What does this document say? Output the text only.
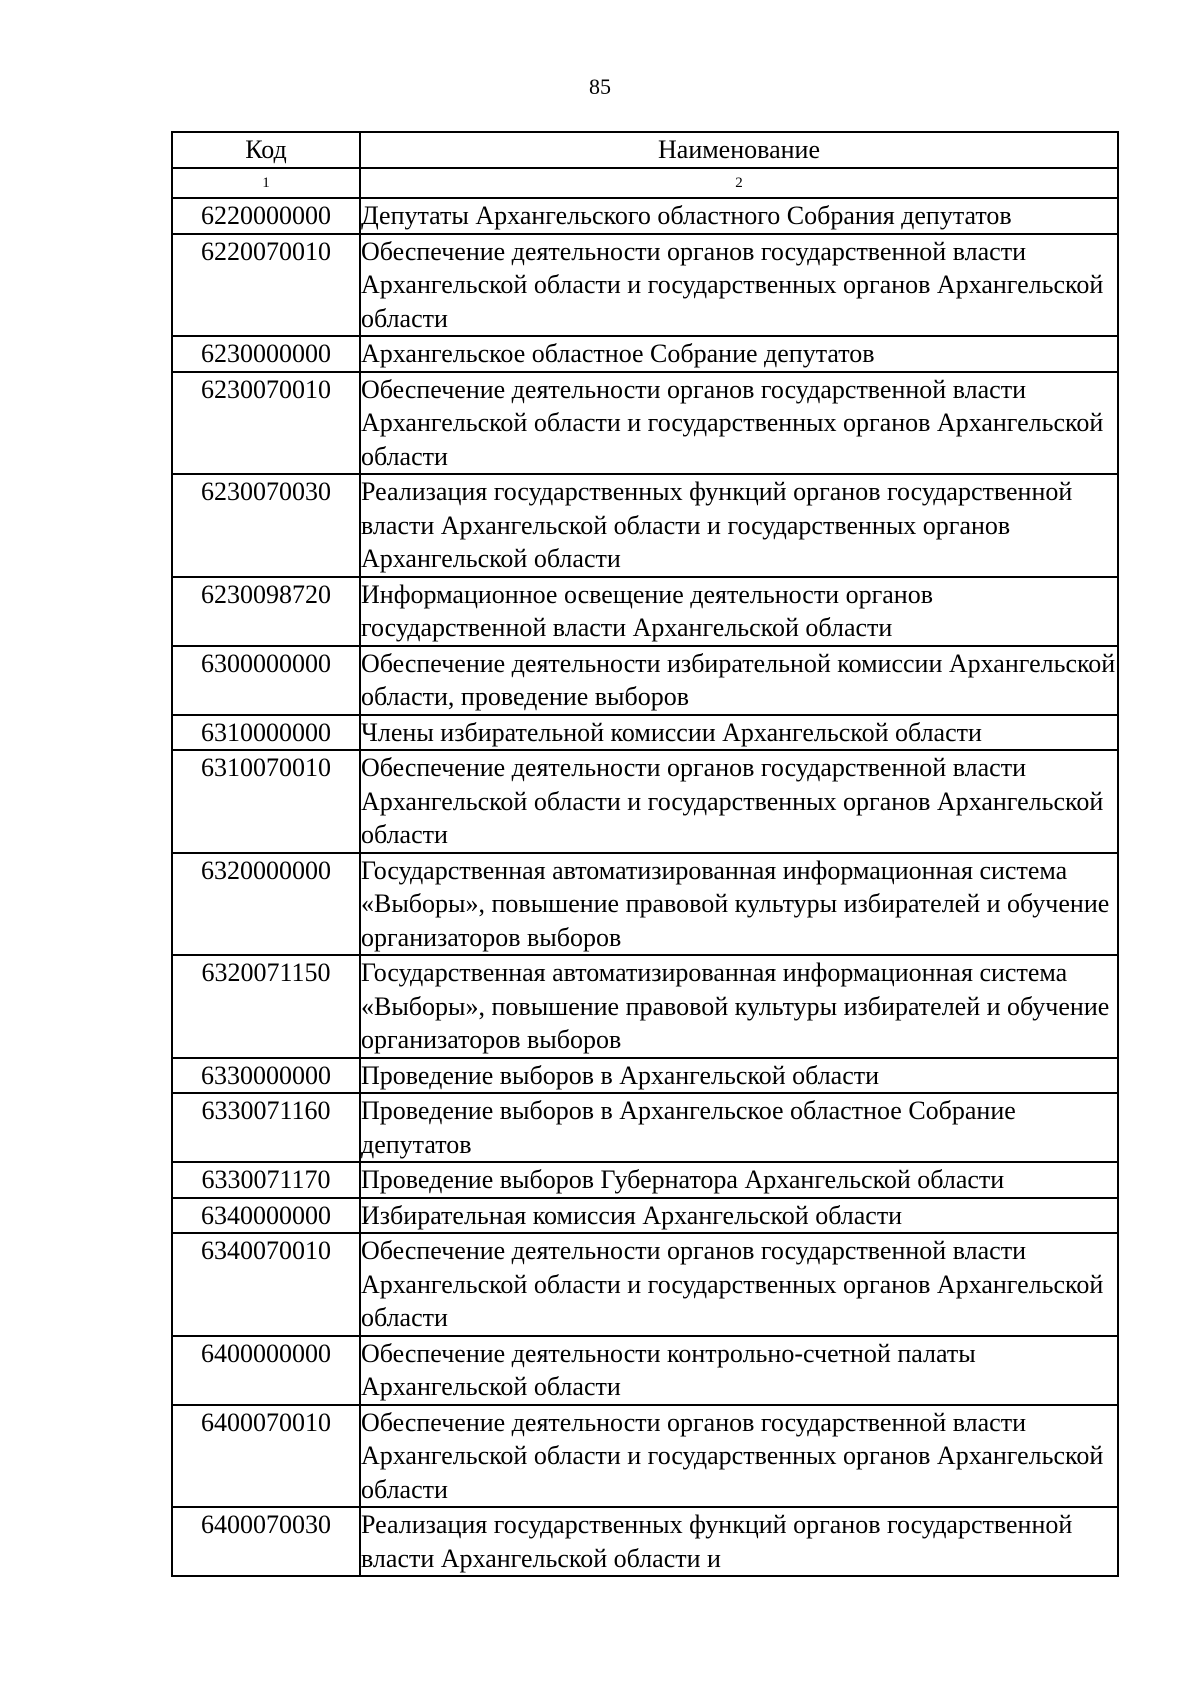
85
Код	Наименование
1	2
6220000000	Депутаты Архангельского областного Собрания депутатов
6220070010	Обеспечение деятельности органов государственной власти Архангельской области и государственных органов Архангельской области
6230000000	Архангельское областное Собрание депутатов
6230070010	Обеспечение деятельности органов государственной власти Архангельской области и государственных органов Архангельской области
6230070030	Реализация государственных функций органов государственной власти Архангельской области и государственных органов Архангельской области
6230098720	Информационное освещение деятельности органов государственной власти Архангельской области
6300000000	Обеспечение деятельности избирательной комиссии Архангельской области, проведение выборов
6310000000	Члены избирательной комиссии Архангельской области
6310070010	Обеспечение деятельности органов государственной власти Архангельской области и государственных органов Архангельской области
6320000000	Государственная автоматизированная информационная система «Выборы», повышение правовой культуры избирателей и обучение организаторов выборов
6320071150	Государственная автоматизированная информационная система «Выборы», повышение правовой культуры избирателей и обучение организаторов выборов
6330000000	Проведение выборов в Архангельской области
6330071160	Проведение выборов в Архангельское областное Собрание депутатов
6330071170	Проведение выборов Губернатора Архангельской области
6340000000	Избирательная комиссия Архангельской области
6340070010	Обеспечение деятельности органов государственной власти Архангельской области и государственных органов Архангельской области
6400000000	Обеспечение деятельности контрольно-счетной палаты Архангельской области
6400070010	Обеспечение деятельности органов государственной власти Архангельской области и государственных органов Архангельской области
6400070030	Реализация государственных функций органов государственной власти Архангельской области и
